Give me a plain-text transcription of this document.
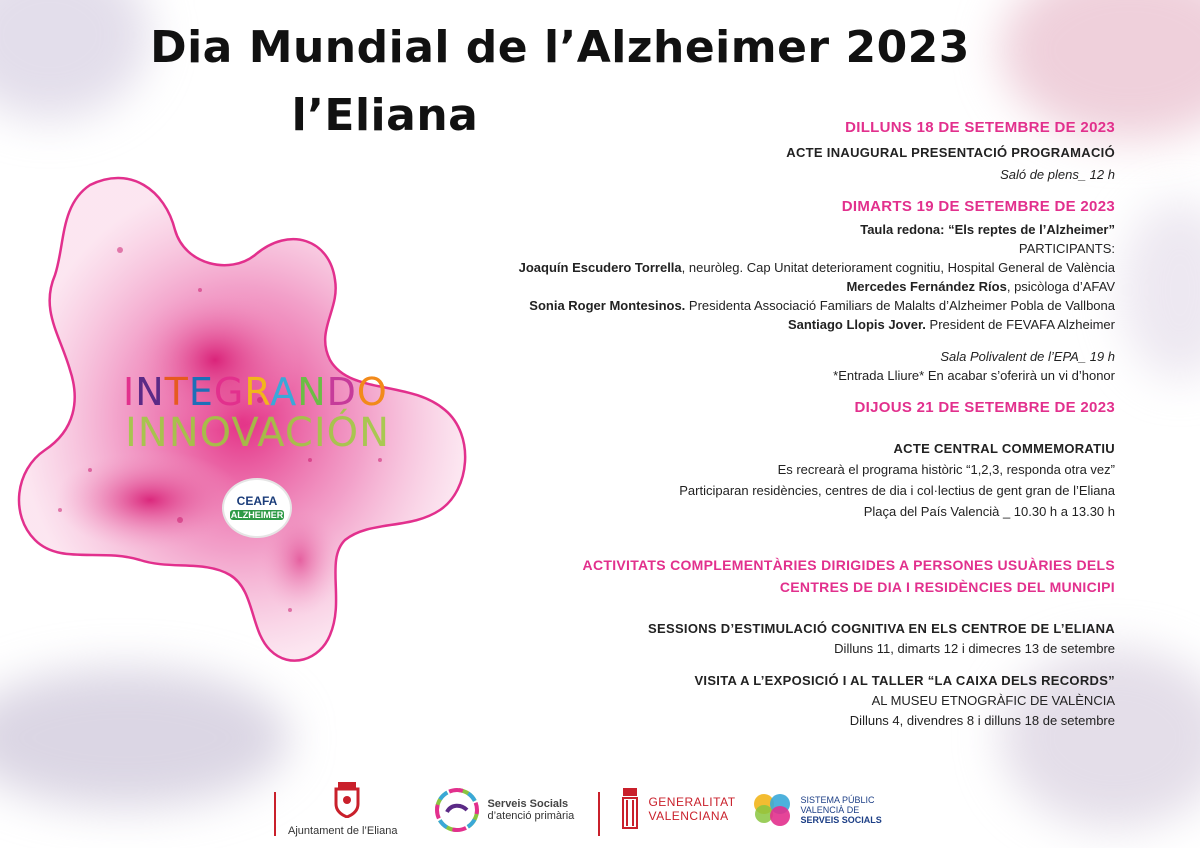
Dia Mundial de l’Alzheimer 2023
l’Eliana
INTEGRANDO
INNOVACIÓN
CEAFA
ALZHEIMER
DILLUNS 18 DE SETEMBRE DE 2023
ACTE INAUGURAL PRESENTACIÓ PROGRAMACIÓ
Saló de plens_ 12 h
DIMARTS 19 DE SETEMBRE DE 2023
Taula redona: “Els reptes de l’Alzheimer”
PARTICIPANTS:
Joaquín Escudero Torrella, neuròleg. Cap Unitat deteriorament cognitiu, Hospital General de València
Mercedes Fernández Ríos, psicòloga d’AFAV
Sonia Roger Montesinos. Presidenta Associació Familiars de Malalts d’Alzheimer Pobla de Vallbona
Santiago Llopis Jover. President de FEVAFA Alzheimer
Sala Polivalent de l’EPA_ 19 h
*Entrada Lliure* En acabar s’oferirà un vi d’honor
DIJOUS 21 DE SETEMBRE DE 2023
ACTE CENTRAL COMMEMORATIU
Es recrearà el programa històric “1,2,3, responda otra vez”
Participaran residències, centres de dia i col·lectius de gent gran de l’Eliana
Plaça del País Valencià _ 10.30 h a 13.30 h
ACTIVITATS COMPLEMENTÀRIES DIRIGIDES A PERSONES USUÀRIES DELS
CENTRES DE DIA I RESIDÈNCIES DEL MUNICIPI
SESSIONS D’ESTIMULACIÓ COGNITIVA EN ELS CENTROE DE L’ELIANA
Dilluns 11, dimarts 12 i dimecres 13 de setembre
VISITA A L’EXPOSICIÓ I AL TALLER “LA CAIXA DELS RECORDS”
AL MUSEU ETNOGRÀFIC DE VALÈNCIA
Dilluns 4, divendres 8 i dilluns 18 de setembre
Ajuntament de l’Eliana

Serveis Socials
d’atenció primària

GENERALITAT
VALENCIANA

SISTEMA PÚBLIC
VALENCIÀ DE
SERVEIS SOCIALS
